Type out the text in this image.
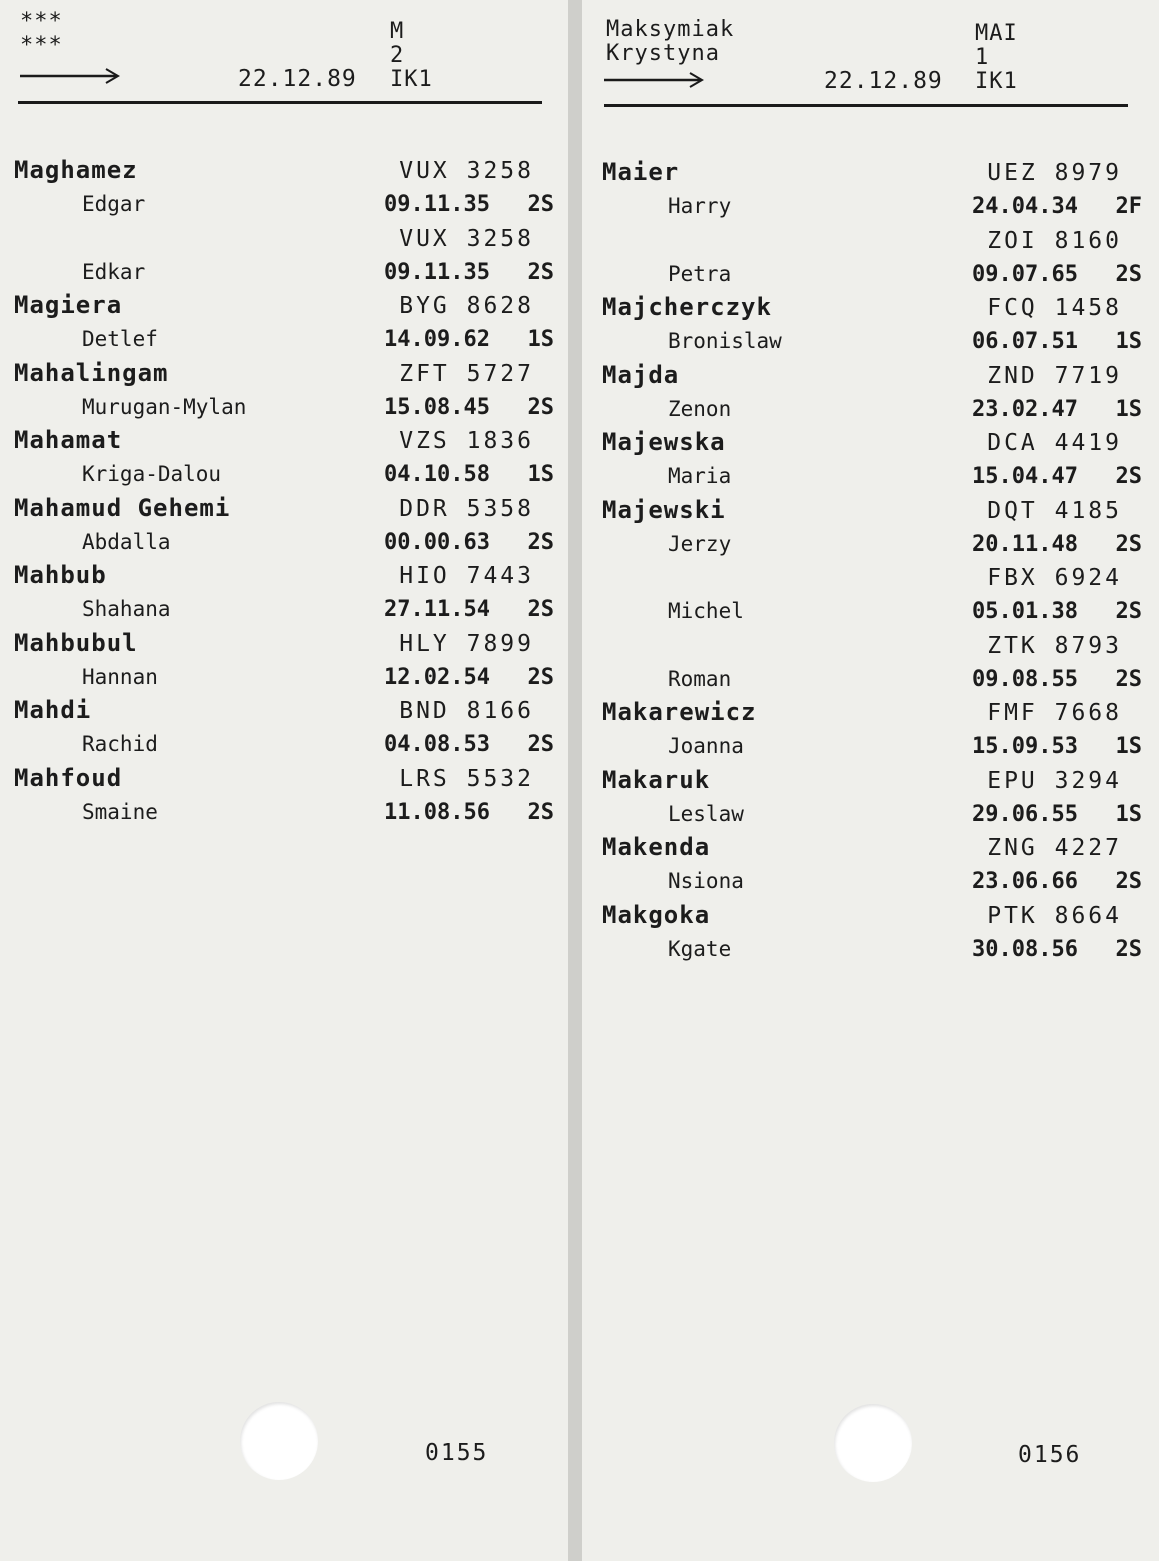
***
***
M
2
22.12.89 IK1
Maghamez
Edgar
VUX 3258
09.11.35 2S
Edkar
VUX 3258
09.11.35 2S
Magiera
Detlef
BYG 8628
14.09.62 1S
Mahalingam
Murugan-Mylan
ZFT 5727
15.08.45 2S
Mahamat
Kriga-Dalou
VZS 1836
04.10.58 1S
Mahamud Gehemi
Abdalla
DDR 5358
00.00.63 2S
Mahbub
Shahana
HIO 7443
27.11.54 2S
Mahbubul
Hannan
HLY 7899
12.02.54 2S
Mahdi
Rachid
BND 8166
04.08.53 2S
Mahfoud
Smaine
LRS 5532
11.08.56 2S
0155
Maksymiak
Krystyna
MAI
1
22.12.89 IK1
Maier
Harry
UEZ 8979
24.04.34 2F
Petra
ZOI 8160
09.07.65 2S
Majcherczyk
Bronislaw
FCQ 1458
06.07.51 1S
Majda
Zenon
ZND 7719
23.02.47 1S
Majewska
Maria
DCA 4419
15.04.47 2S
Majewski
Jerzy
DQT 4185
20.11.48 2S
Michel
FBX 6924
05.01.38 2S
Roman
ZTK 8793
09.08.55 2S
Makarewicz
Joanna
FMF 7668
15.09.53 1S
Makaruk
Leslaw
EPU 3294
29.06.55 1S
Makenda
Nsiona
ZNG 4227
23.06.66 2S
Makgoka
Kgate
PTK 8664
30.08.56 2S
0156
